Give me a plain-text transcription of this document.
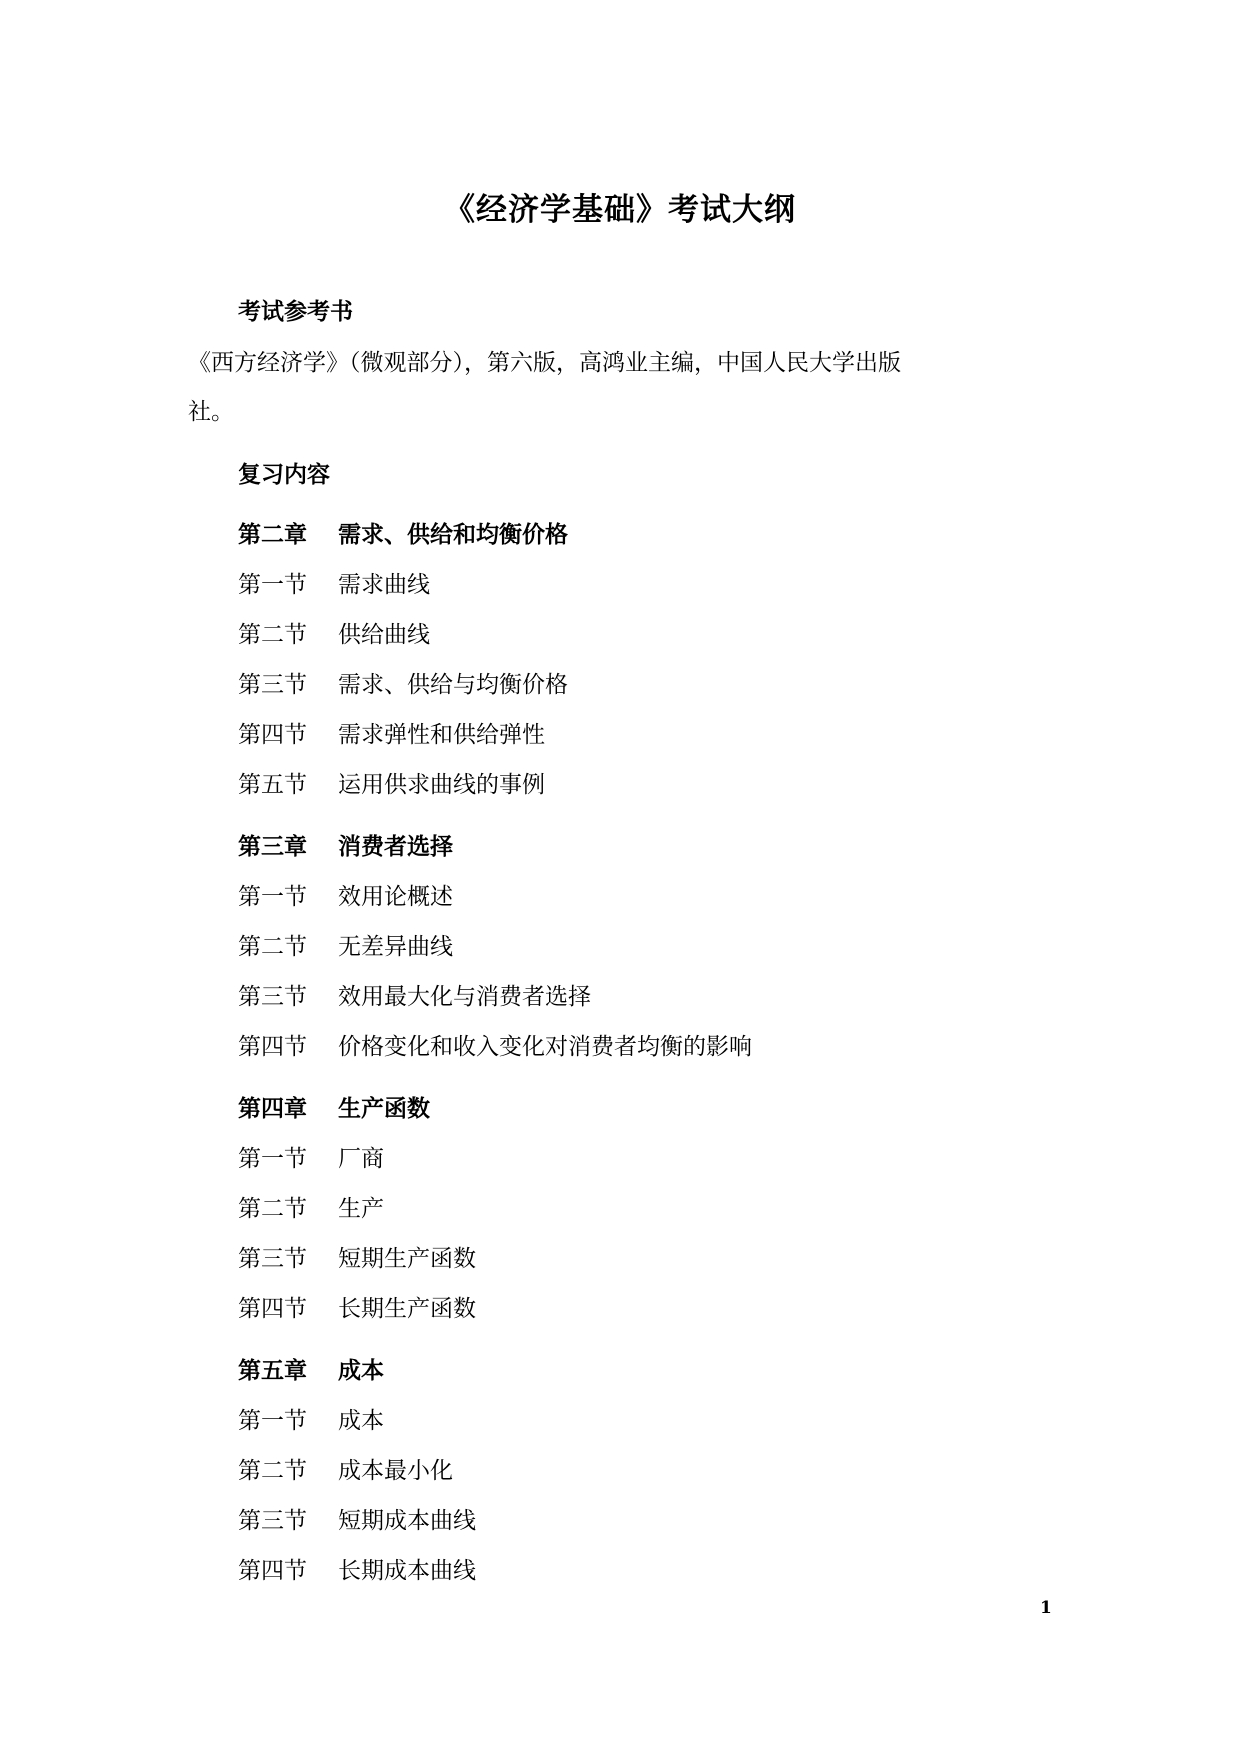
《经济学基础》考试大纲
考试参考书
《西方经济学》（微观部分），第六版，高鸿业主编，中国人民大学出版
社。
复习内容
第二章	需求、供给和均衡价格
第一节	需求曲线
第二节	供给曲线
第三节	需求、供给与均衡价格
第四节	需求弹性和供给弹性
第五节	运用供求曲线的事例
第三章	消费者选择
第一节	效用论概述
第二节	无差异曲线
第三节	效用最大化与消费者选择
第四节	价格变化和收入变化对消费者均衡的影响
第四章	生产函数
第一节	厂商
第二节	生产
第三节	短期生产函数
第四节	长期生产函数
第五章	成本
第一节	成本
第二节	成本最小化
第三节	短期成本曲线
第四节	长期成本曲线
1
